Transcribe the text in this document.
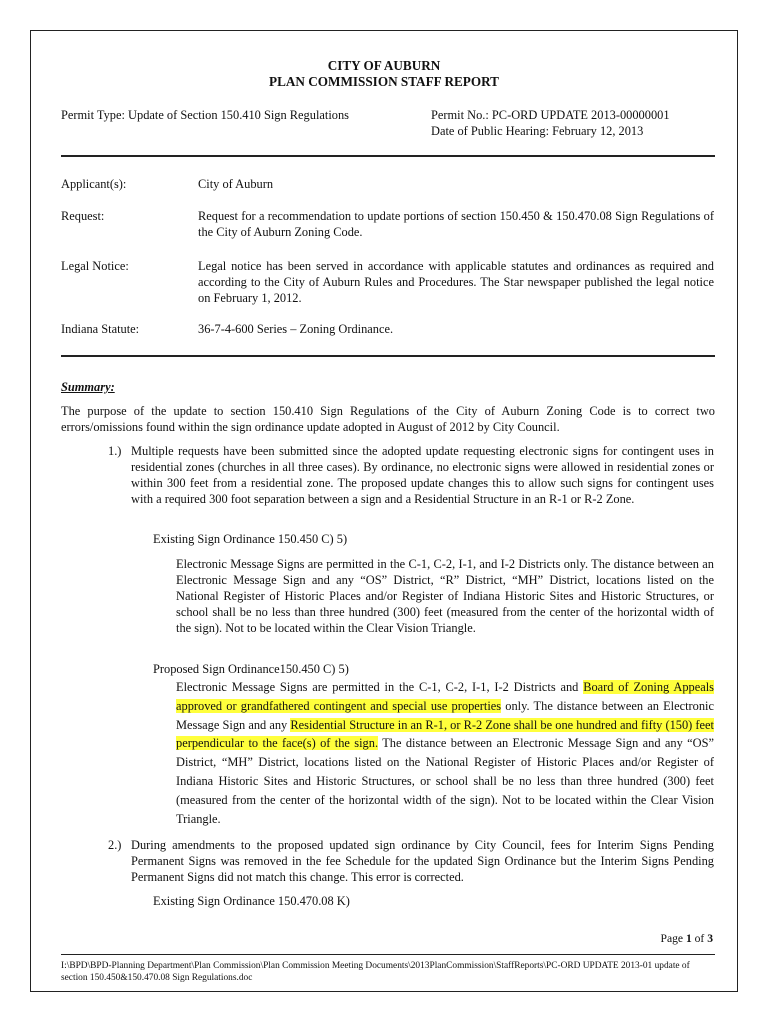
CITY OF AUBURN
PLAN COMMISSION STAFF REPORT
Permit Type: Update of Section 150.410 Sign Regulations	Permit No.: PC-ORD UPDATE 2013-00000001
Date of Public Hearing: February 12, 2013
Applicant(s):	City of Auburn
Request:	Request for a recommendation to update portions of section 150.450 & 150.470.08 Sign Regulations of the City of Auburn Zoning Code.
Legal Notice:	Legal notice has been served in accordance with applicable statutes and ordinances as required and according to the City of Auburn Rules and Procedures. The Star newspaper published the legal notice on February 1, 2012.
Indiana Statute:	36-7-4-600 Series – Zoning Ordinance.
Summary:
The purpose of the update to section 150.410 Sign Regulations of the City of Auburn Zoning Code is to correct two errors/omissions found within the sign ordinance update adopted in August of 2012 by City Council.
1.) Multiple requests have been submitted since the adopted update requesting electronic signs for contingent uses in residential zones (churches in all three cases). By ordinance, no electronic signs were allowed in residential zones or within 300 feet from a residential zone. The proposed update changes this to allow such signs for contingent uses with a required 300 foot separation between a sign and a Residential Structure in an R-1 or R-2 Zone.
Existing Sign Ordinance 150.450 C) 5)
Electronic Message Signs are permitted in the C-1, C-2, I-1, and I-2 Districts only. The distance between an Electronic Message Sign and any “OS” District, “R” District, “MH” District, locations listed on the National Register of Historic Places and/or Register of Indiana Historic Sites and Historic Structures, or school shall be no less than three hundred (300) feet (measured from the center of the horizontal width of the sign). Not to be located within the Clear Vision Triangle.
Proposed Sign Ordinance150.450 C) 5)
Electronic Message Signs are permitted in the C-1, C-2, I-1, I-2 Districts and Board of Zoning Appeals approved or grandfathered contingent and special use properties only. The distance between an Electronic Message Sign and any Residential Structure in an R-1, or R-2 Zone shall be one hundred and fifty (150) feet perpendicular to the face(s) of the sign. The distance between an Electronic Message Sign and any “OS” District, “MH” District, locations listed on the National Register of Historic Places and/or Register of Indiana Historic Sites and Historic Structures, or school shall be no less than three hundred (300) feet (measured from the center of the horizontal width of the sign). Not to be located within the Clear Vision Triangle.
2.) During amendments to the proposed updated sign ordinance by City Council, fees for Interim Signs Pending Permanent Signs was removed in the fee Schedule for the updated Sign Ordinance but the Interim Signs Pending Permanent Signs did not match this change. This error is corrected.
Existing Sign Ordinance 150.470.08 K)
Page 1 of 3
I:\BPD\BPD-Planning Department\Plan Commission\Plan Commission Meeting Documents\2013PlanCommission\StaffReports\PC-ORD UPDATE 2013-01 update of section 150.450&150.470.08 Sign Regulations.doc
